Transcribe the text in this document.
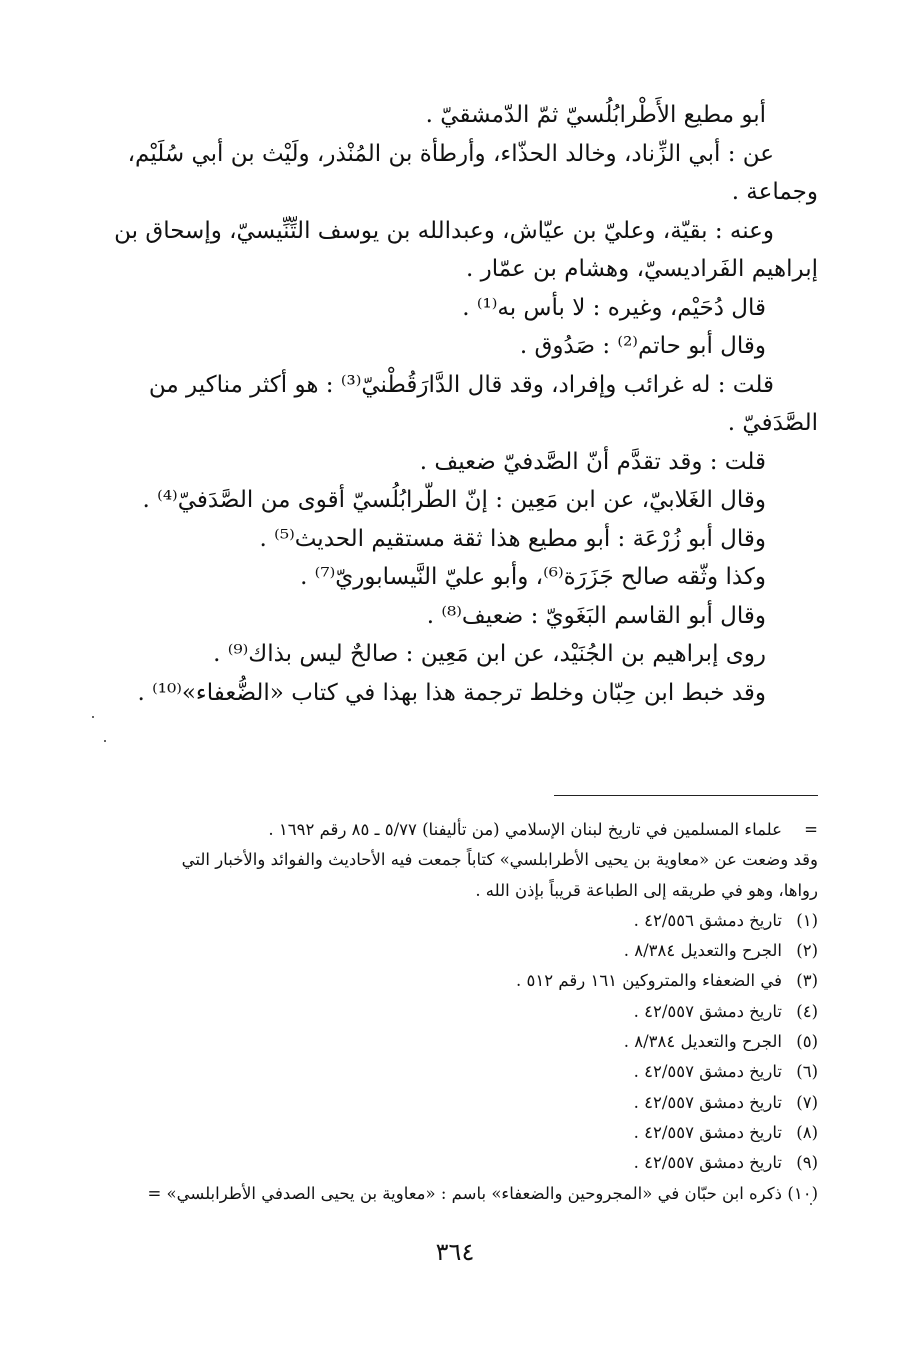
أبو مطيع الأَطْرابُلُسيّ ثمّ الدّمشقيّ .

عن : أبي الزِّناد، وخالد الحذّاء، وأرطأة بن المُنْذر، ولَيْث بن أبي سُلَيْم،

وجماعة .

وعنه : بقيّة، وعليّ بن عيّاش، وعبدالله بن يوسف التِّنِّيسيّ، وإسحاق بن

إبراهيم الفَراديسيّ، وهشام بن عمّار .

قال دُحَيْم، وغيره : لا بأس به⁽¹⁾ .

وقال أبو حاتم⁽²⁾ : صَدُوق .

قلت : له غرائب وإفراد، وقد قال الدَّارَقُطْنيّ⁽³⁾ : هو أكثر مناكير من

الصَّدَفيّ .

قلت : وقد تقدَّم أنّ الصَّدفيّ ضعيف .

وقال الغَلابيّ، عن ابن مَعِين : إنّ الطّرابُلُسيّ أقوى من الصَّدَفيّ⁽⁴⁾ .

وقال أبو زُرْعَة : أبو مطيع هذا ثقة مستقيم الحديث⁽⁵⁾ .

وكذا وثّقه صالح جَزَرَة⁽⁶⁾، وأبو عليّ النَّيسابوريّ⁽⁷⁾ .

وقال أبو القاسم البَغَويّ : ضعيف⁽⁸⁾ .

روى إبراهيم بن الجُنَيْد، عن ابن مَعِين : صالحٌ ليس بذاك⁽⁹⁾ .

وقد خبط ابن حِبّان وخلط ترجمة هذا بهذا في كتاب «الضُّعفاء»⁽¹⁰⁾ .

=
علماء المسلمين في تاريخ لبنان الإسلامي (من تأليفنا) ٥/٧٧ ـ ٨٥ رقم ١٦٩٢ .

وقد وضعت عن «معاوية بن يحيى الأطرابلسي» كتاباً جمعت فيه الأحاديث والفوائد والأخبار التي

رواها، وهو في طريقه إلى الطباعة قريباً بإذن الله .

(١)
تاريخ دمشق ٤٢/٥٥٦ .

(٢)
الجرح والتعديل ٨/٣٨٤ .

(٣)
في الضعفاء والمتروكين ١٦١ رقم ٥١٢ .

(٤)
تاريخ دمشق ٤٢/٥٥٧ .

(٥)
الجرح والتعديل ٨/٣٨٤ .

(٦)
تاريخ دمشق ٤٢/٥٥٧ .

(٧)
تاريخ دمشق ٤٢/٥٥٧ .

(٨)
تاريخ دمشق ٤٢/٥٥٧ .

(٩)
تاريخ دمشق ٤٢/٥٥٧ .

(١٠)
ذكره ابن حبّان في «المجروحين والضعفاء» باسم : «معاوية بن يحيى الصدفي الأطرابلسي» =

٣٦٤
